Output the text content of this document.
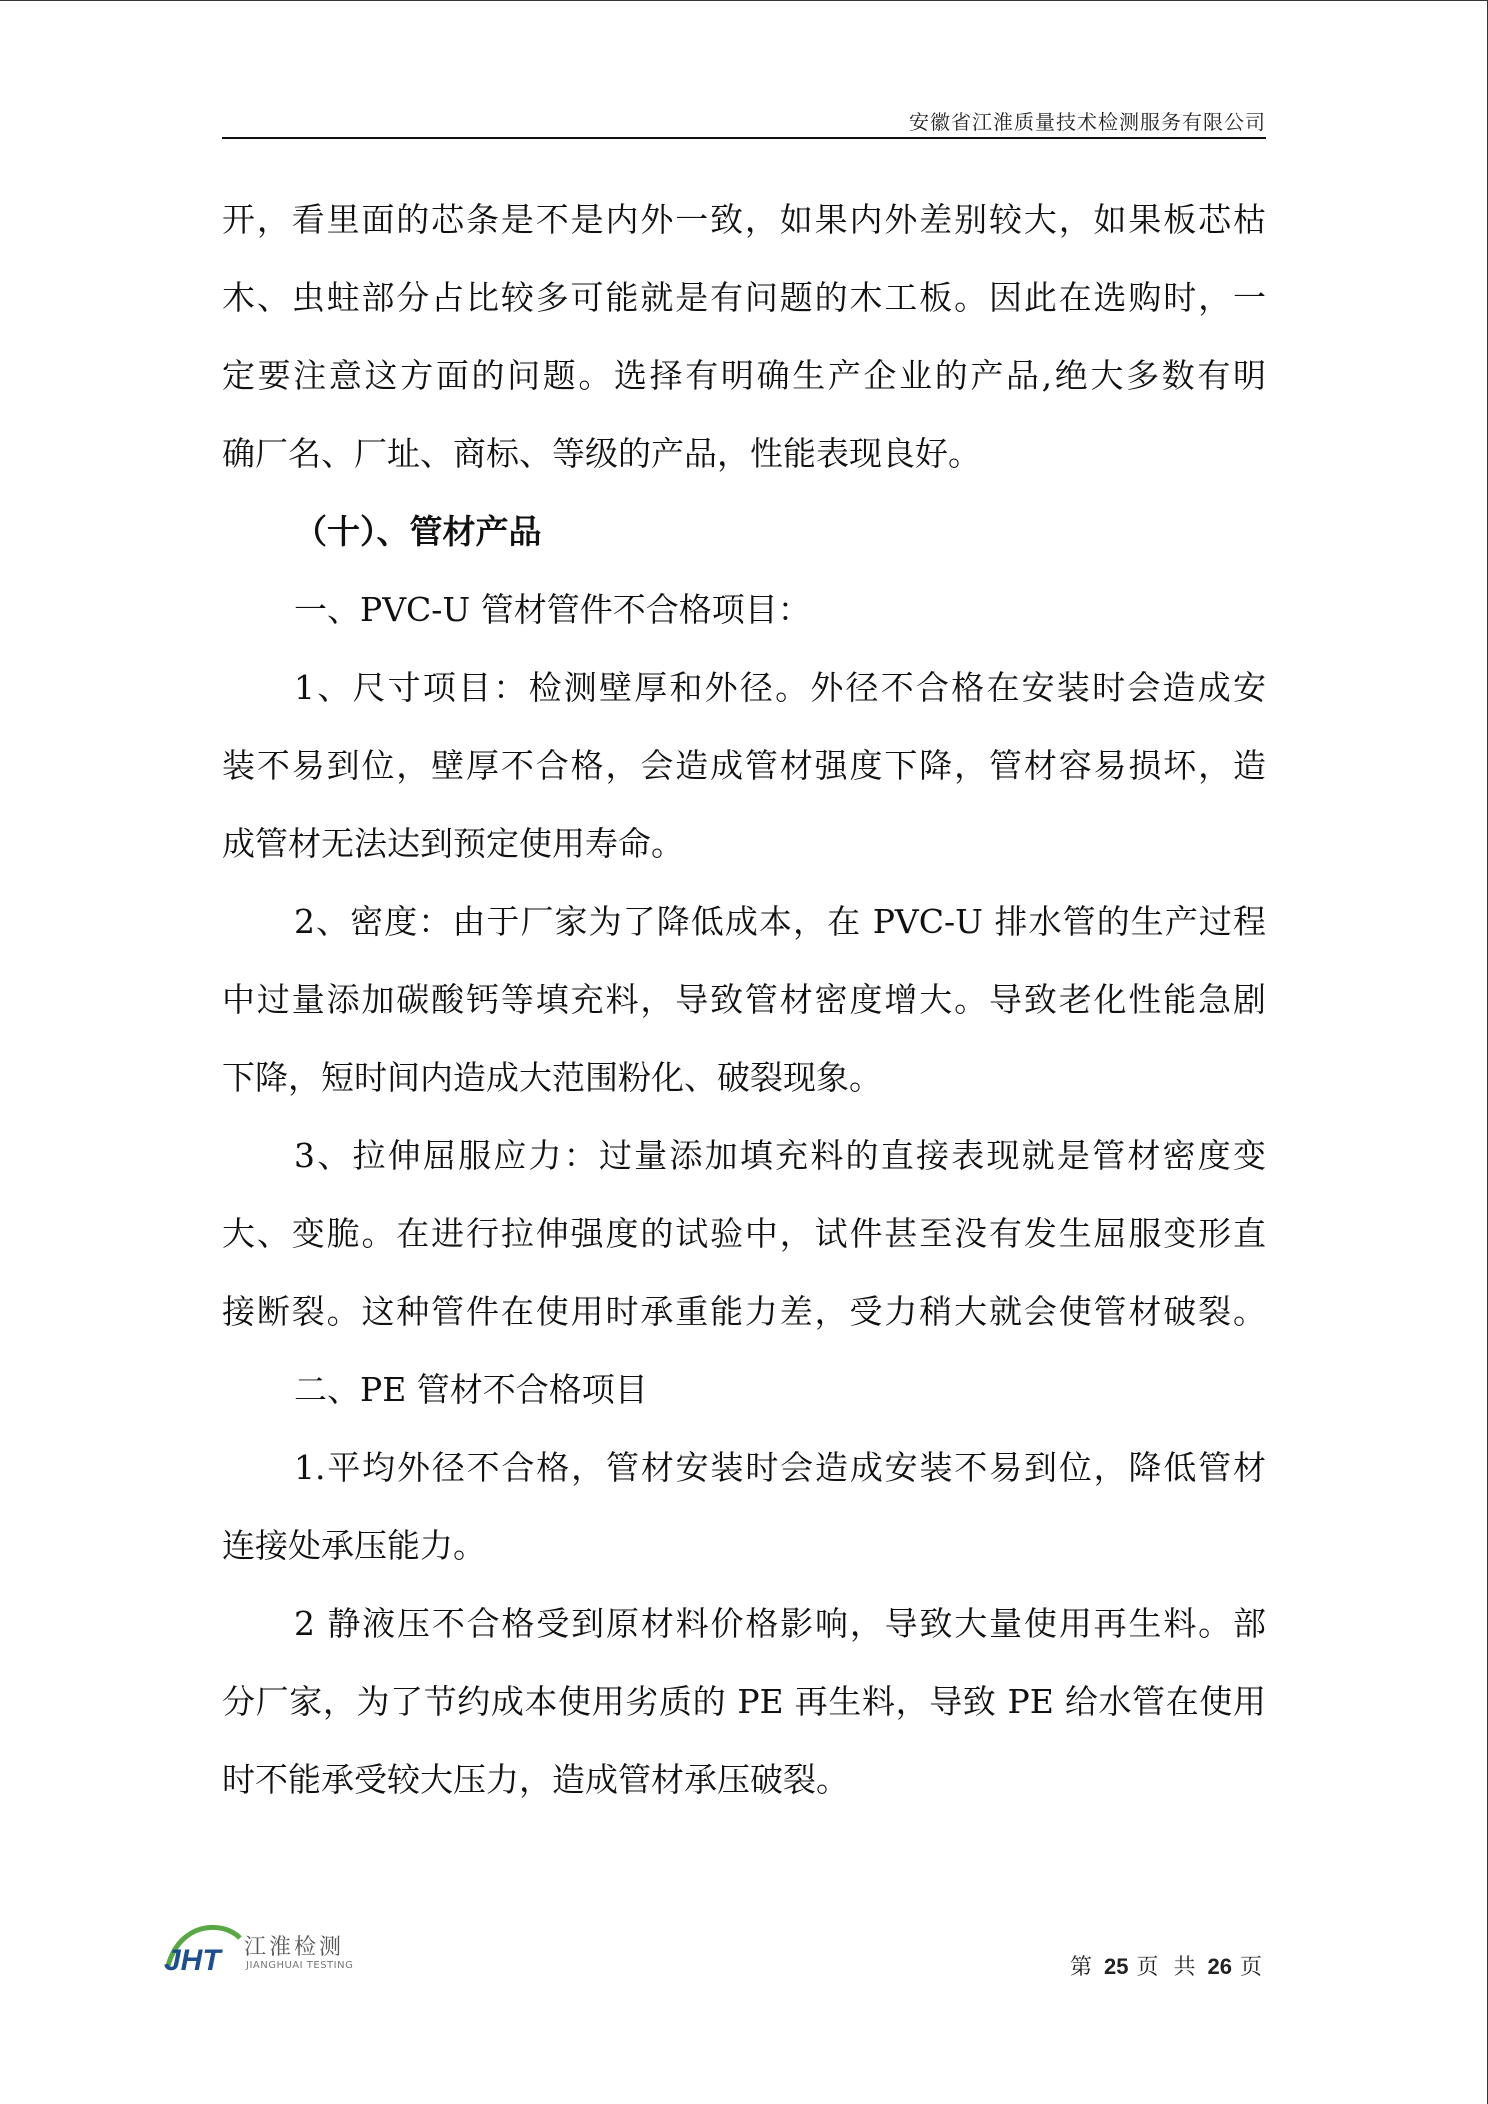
安徽省江淮质量技术检测服务有限公司
开，看里面的芯条是不是内外一致，如果内外差别较大，如果板芯枯
木、虫蛀部分占比较多可能就是有问题的木工板。因此在选购时，一
定要注意这方面的问题。选择有明确生产企业的产品,绝大多数有明
确厂名、厂址、商标、等级的产品，性能表现良好。
（十）、管材产品
一、PVC-U 管材管件不合格项目：
1、尺寸项目：检测壁厚和外径。外径不合格在安装时会造成安
装不易到位，壁厚不合格，会造成管材强度下降，管材容易损坏，造
成管材无法达到预定使用寿命。
2、密度：由于厂家为了降低成本，在 PVC-U 排水管的生产过程
中过量添加碳酸钙等填充料，导致管材密度增大。导致老化性能急剧
下降，短时间内造成大范围粉化、破裂现象。
3、拉伸屈服应力：过量添加填充料的直接表现就是管材密度变
大、变脆。在进行拉伸强度的试验中，试件甚至没有发生屈服变形直
接断裂。这种管件在使用时承重能力差，受力稍大就会使管材破裂。
二、PE 管材不合格项目
1.平均外径不合格，管材安装时会造成安装不易到位，降低管材
连接处承压能力。
2 静液压不合格受到原材料价格影响，导致大量使用再生料。部
分厂家，为了节约成本使用劣质的 PE 再生料，导致 PE 给水管在使用
时不能承受较大压力，造成管材承压破裂。
JHT 江淮检测
JIANGHUAI TESTING	第 25 页 共 26 页
